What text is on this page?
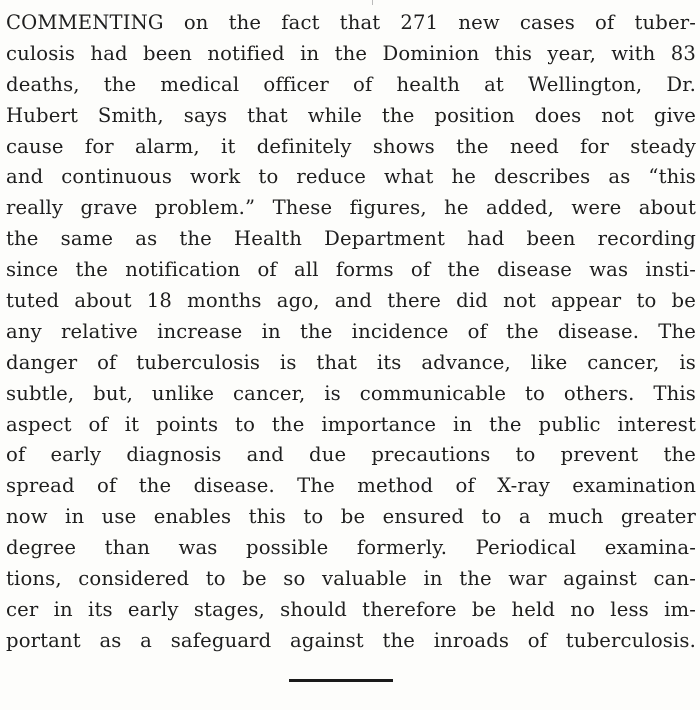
COMMENTING on the fact that 271 new cases of tuber-
culosis had been notified in the Dominion this year, with 83
deaths, the medical officer of health at Wellington, Dr.
Hubert Smith, says that while the position does not give
cause for alarm, it definitely shows the need for steady
and continuous work to reduce what he describes as “this
really grave problem.” These figures, he added, were about
the same as the Health Department had been recording
since the notification of all forms of the disease was insti-
tuted about 18 months ago, and there did not appear to be
any relative increase in the incidence of the disease. The
danger of tuberculosis is that its advance, like cancer, is
subtle, but, unlike cancer, is communicable to others. This
aspect of it points to the importance in the public interest
of early diagnosis and due precautions to prevent the
spread of the disease. The method of X-ray examination
now in use enables this to be ensured to a much greater
degree than was possible formerly. Periodical examina-
tions, considered to be so valuable in the war against can-
cer in its early stages, should therefore be held no less im-
portant as a safeguard against the inroads of tuberculosis.
